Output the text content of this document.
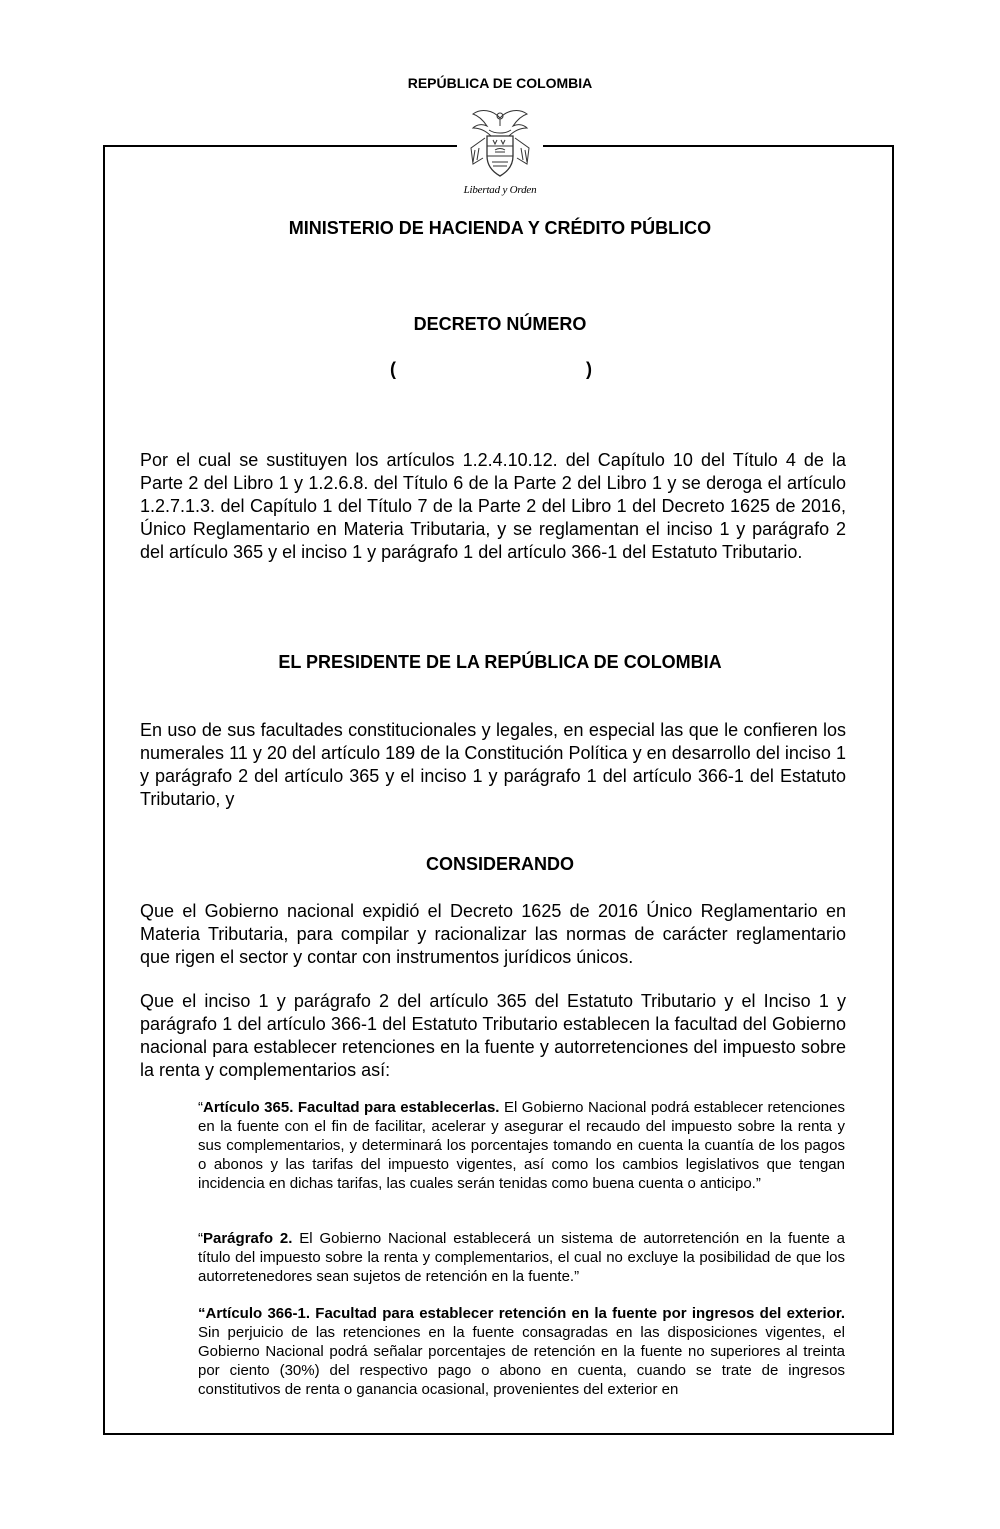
REPÚBLICA DE COLOMBIA
Libertad y Orden
MINISTERIO DE HACIENDA Y CRÉDITO PÚBLICO
DECRETO NÚMERO
(	)

Por el cual se sustituyen los artículos 1.2.4.10.12. del Capítulo 10 del Título 4 de la Parte 2 del Libro 1 y 1.2.6.8. del Título 6 de la Parte 2 del Libro 1 y se deroga el artículo 1.2.7.1.3. del Capítulo 1 del Título 7 de la Parte 2 del Libro 1 del Decreto 1625 de 2016, Único Reglamentario en Materia Tributaria, y se reglamentan el inciso 1 y parágrafo 2 del artículo 365 y el inciso 1 y parágrafo 1 del artículo 366-1 del Estatuto Tributario.

EL PRESIDENTE DE LA REPÚBLICA DE COLOMBIA

En uso de sus facultades constitucionales y legales, en especial las que le confieren los numerales 11 y 20 del artículo 189 de la Constitución Política y en desarrollo del inciso 1 y parágrafo 2 del artículo 365 y el inciso 1 y parágrafo 1 del artículo 366-1 del Estatuto Tributario, y

CONSIDERANDO

Que el Gobierno nacional expidió el Decreto 1625 de 2016 Único Reglamentario en Materia Tributaria, para compilar y racionalizar las normas de carácter reglamentario que rigen el sector y contar con instrumentos jurídicos únicos.

Que el inciso 1 y parágrafo 2 del artículo 365 del Estatuto Tributario y el Inciso 1 y parágrafo 1 del artículo 366-1 del Estatuto Tributario establecen la facultad del Gobierno nacional para establecer retenciones en la fuente y autorretenciones del impuesto sobre la renta y complementarios así:

“Artículo 365. Facultad para establecerlas. El Gobierno Nacional podrá establecer retenciones en la fuente con el fin de facilitar, acelerar y asegurar el recaudo del impuesto sobre la renta y sus complementarios, y determinará los porcentajes tomando en cuenta la cuantía de los pagos o abonos y las tarifas del impuesto vigentes, así como los cambios legislativos que tengan incidencia en dichas tarifas, las cuales serán tenidas como buena cuenta o anticipo.”

“Parágrafo 2. El Gobierno Nacional establecerá un sistema de autorretención en la fuente a título del impuesto sobre la renta y complementarios, el cual no excluye la posibilidad de que los autorretenedores sean sujetos de retención en la fuente.”

“Artículo 366-1. Facultad para establecer retención en la fuente por ingresos del exterior. Sin perjuicio de las retenciones en la fuente consagradas en las disposiciones vigentes, el Gobierno Nacional podrá señalar porcentajes de retención en la fuente no superiores al treinta por ciento (30%) del respectivo pago o abono en cuenta, cuando se trate de ingresos constitutivos de renta o ganancia ocasional, provenientes del exterior en
